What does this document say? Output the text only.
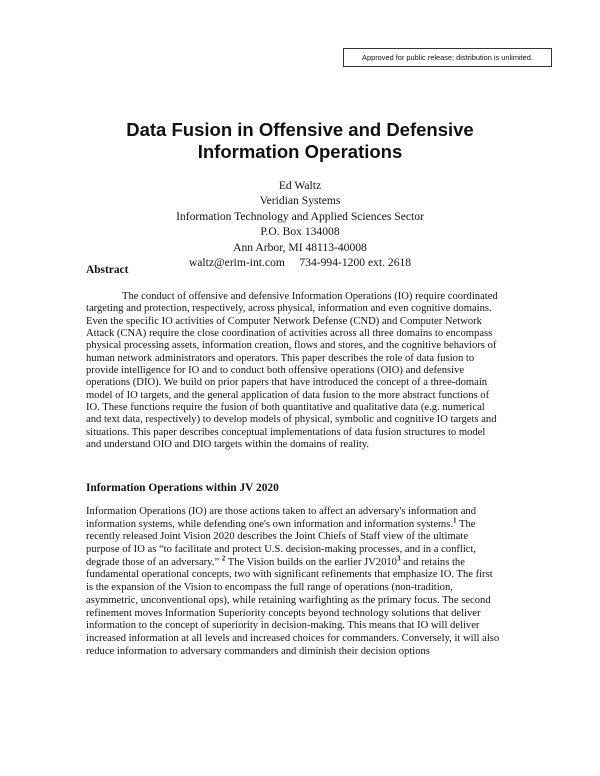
Approved for public release; distribution is unlimited.
Data Fusion in Offensive and Defensive
Information Operations
Ed Waltz
Veridian Systems
Information Technology and Applied Sciences Sector
P.O. Box 134008
Ann Arbor, MI 48113-40008
waltz@erim-int.com     734-994-1200 ext. 2618
Abstract
The conduct of offensive and defensive Information Operations (IO) require coordinated
targeting and protection, respectively, across physical, information and even cognitive domains.
Even the specific IO activities of Computer Network Defense (CND) and Computer Network
Attack (CNA) require the close coordination of activities across all three domains to encompass
physical processing assets, information creation, flows and stores, and the cognitive behaviors of
human network administrators and operators. This paper describes the role of data fusion to
provide intelligence for IO and to conduct both offensive operations (OIO) and defensive
operations (DIO). We build on prior papers that have introduced the concept of a three-domain
model of IO targets, and the general application of data fusion to the more abstract functions of
IO. These functions require the fusion of both quantitative and qualitative data (e.g. numerical
and text data, respectively) to develop models of physical, symbolic and cognitive IO targets and
situations. This paper describes conceptual implementations of data fusion structures to model
and understand OIO and DIO targets within the domains of reality.
Information Operations within JV 2020
Information Operations (IO) are those actions taken to affect an adversary's information and
information systems, while defending one's own information and information systems.$^1$ The
recently released Joint Vision 2020 describes the Joint Chiefs of Staff view of the ultimate
purpose of IO as “to facilitate and protect U.S. decision-making processes, and in a conflict,
degrade those of an adversary.” $^2$ The Vision builds on the earlier JV2010$^3$ and retains the
fundamental operational concepts, two with significant refinements that emphasize IO. The first
is the expansion of the Vision to encompass the full range of operations (non-tradition,
asymmetric, unconventional ops), while retaining warfighting as the primary focus. The second
refinement moves Information Superiority concepts beyond technology solutions that deliver
information to the concept of superiority in decision-making. This means that IO will deliver
increased information at all levels and increased choices for commanders. Conversely, it will also
reduce information to adversary commanders and diminish their decision options
